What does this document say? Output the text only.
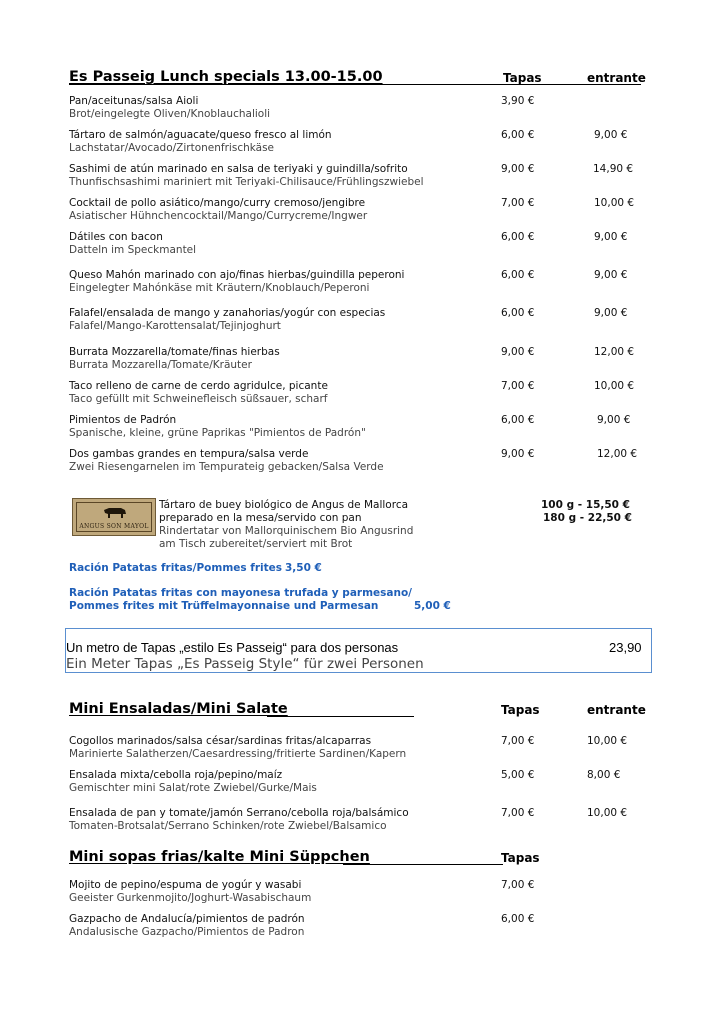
Es Passeig Lunch specials 13.00-15.00	Tapas	entrante
Pan/aceitunas/salsa Aioli
Brot/eingelegte Oliven/Knoblauchalioli
3,90 €
Tártaro de salmón/aguacate/queso fresco al limón
Lachstatar/Avocado/Zirtonenfrischkäse
6,00 €	9,00 €
Sashimi de atún marinado en salsa de teriyaki y guindilla/sofrito
Thunfischsashimi mariniert mit Teriyaki-Chilisauce/Frühlingszwiebel
9,00 €	14,90 €
Cocktail de pollo asiático/mango/curry cremoso/jengibre
Asiatischer Hühnchencocktail/Mango/Currycreme/Ingwer
7,00 €	10,00 €
Dátiles con bacon
Datteln im Speckmantel
6,00 €	9,00 €
Queso Mahón marinado con ajo/finas hierbas/guindilla peperoni
Eingelegter Mahónkäse mit Kräutern/Knoblauch/Peperoni
6,00 €	9,00 €
Falafel/ensalada de mango y zanahorias/yogúr con especias
Falafel/Mango-Karottensalat/Tejinjoghurt
6,00 €	9,00 €
Burrata Mozzarella/tomate/finas hierbas
Burrata Mozzarella/Tomate/Kräuter
9,00 €	12,00 €
Taco relleno de carne de cerdo agridulce, picante
Taco gefüllt mit Schweinefleisch süßsauer, scharf
7,00 €	10,00 €
Pimientos de Padrón
Spanische, kleine, grüne Paprikas "Pimientos de Padrón"
6,00 €	9,00 €
Dos gambas grandes en tempura/salsa verde
Zwei Riesengarnelen im Tempurateig gebacken/Salsa Verde
9,00 €	12,00 €
ANGUS SON MAYOL
Tártaro de buey biológico de Angus de Mallorca
preparado en la mesa/servido con pan
Rindertatar von Mallorquinischem Bio Angusrind
am Tisch zubereitet/serviert mit Brot
100 g - 15,50 €
180 g - 22,50 €
Ración Patatas fritas/Pommes frites 3,50 €
Ración Patatas fritas con mayonesa trufada y parmesano/
Pommes frites mit Trüffelmayonnaise und Parmesan	5,00 €
Un metro de Tapas „estilo Es Passeig“ para dos personas
Ein Meter Tapas „Es Passeig Style“ für zwei Personen
23,90
Mini Ensaladas/Mini Salate	Tapas	entrante
Cogollos marinados/salsa césar/sardinas fritas/alcaparras
Marinierte Salatherzen/Caesardressing/fritierte Sardinen/Kapern
7,00 €	10,00 €
Ensalada mixta/cebolla roja/pepino/maíz
Gemischter mini Salat/rote Zwiebel/Gurke/Mais
5,00 €	8,00 €
Ensalada de pan y tomate/jamón Serrano/cebolla roja/balsámico
Tomaten-Brotsalat/Serrano Schinken/rote Zwiebel/Balsamico
7,00 €	10,00 €
Mini sopas frias/kalte Mini Süppchen	Tapas
Mojito de pepino/espuma de yogúr y wasabi
Geeister Gurkenmojito/Joghurt-Wasabischaum
7,00 €
Gazpacho de Andalucía/pimientos de padrón
Andalusische Gazpacho/Pimientos de Padron
6,00 €
